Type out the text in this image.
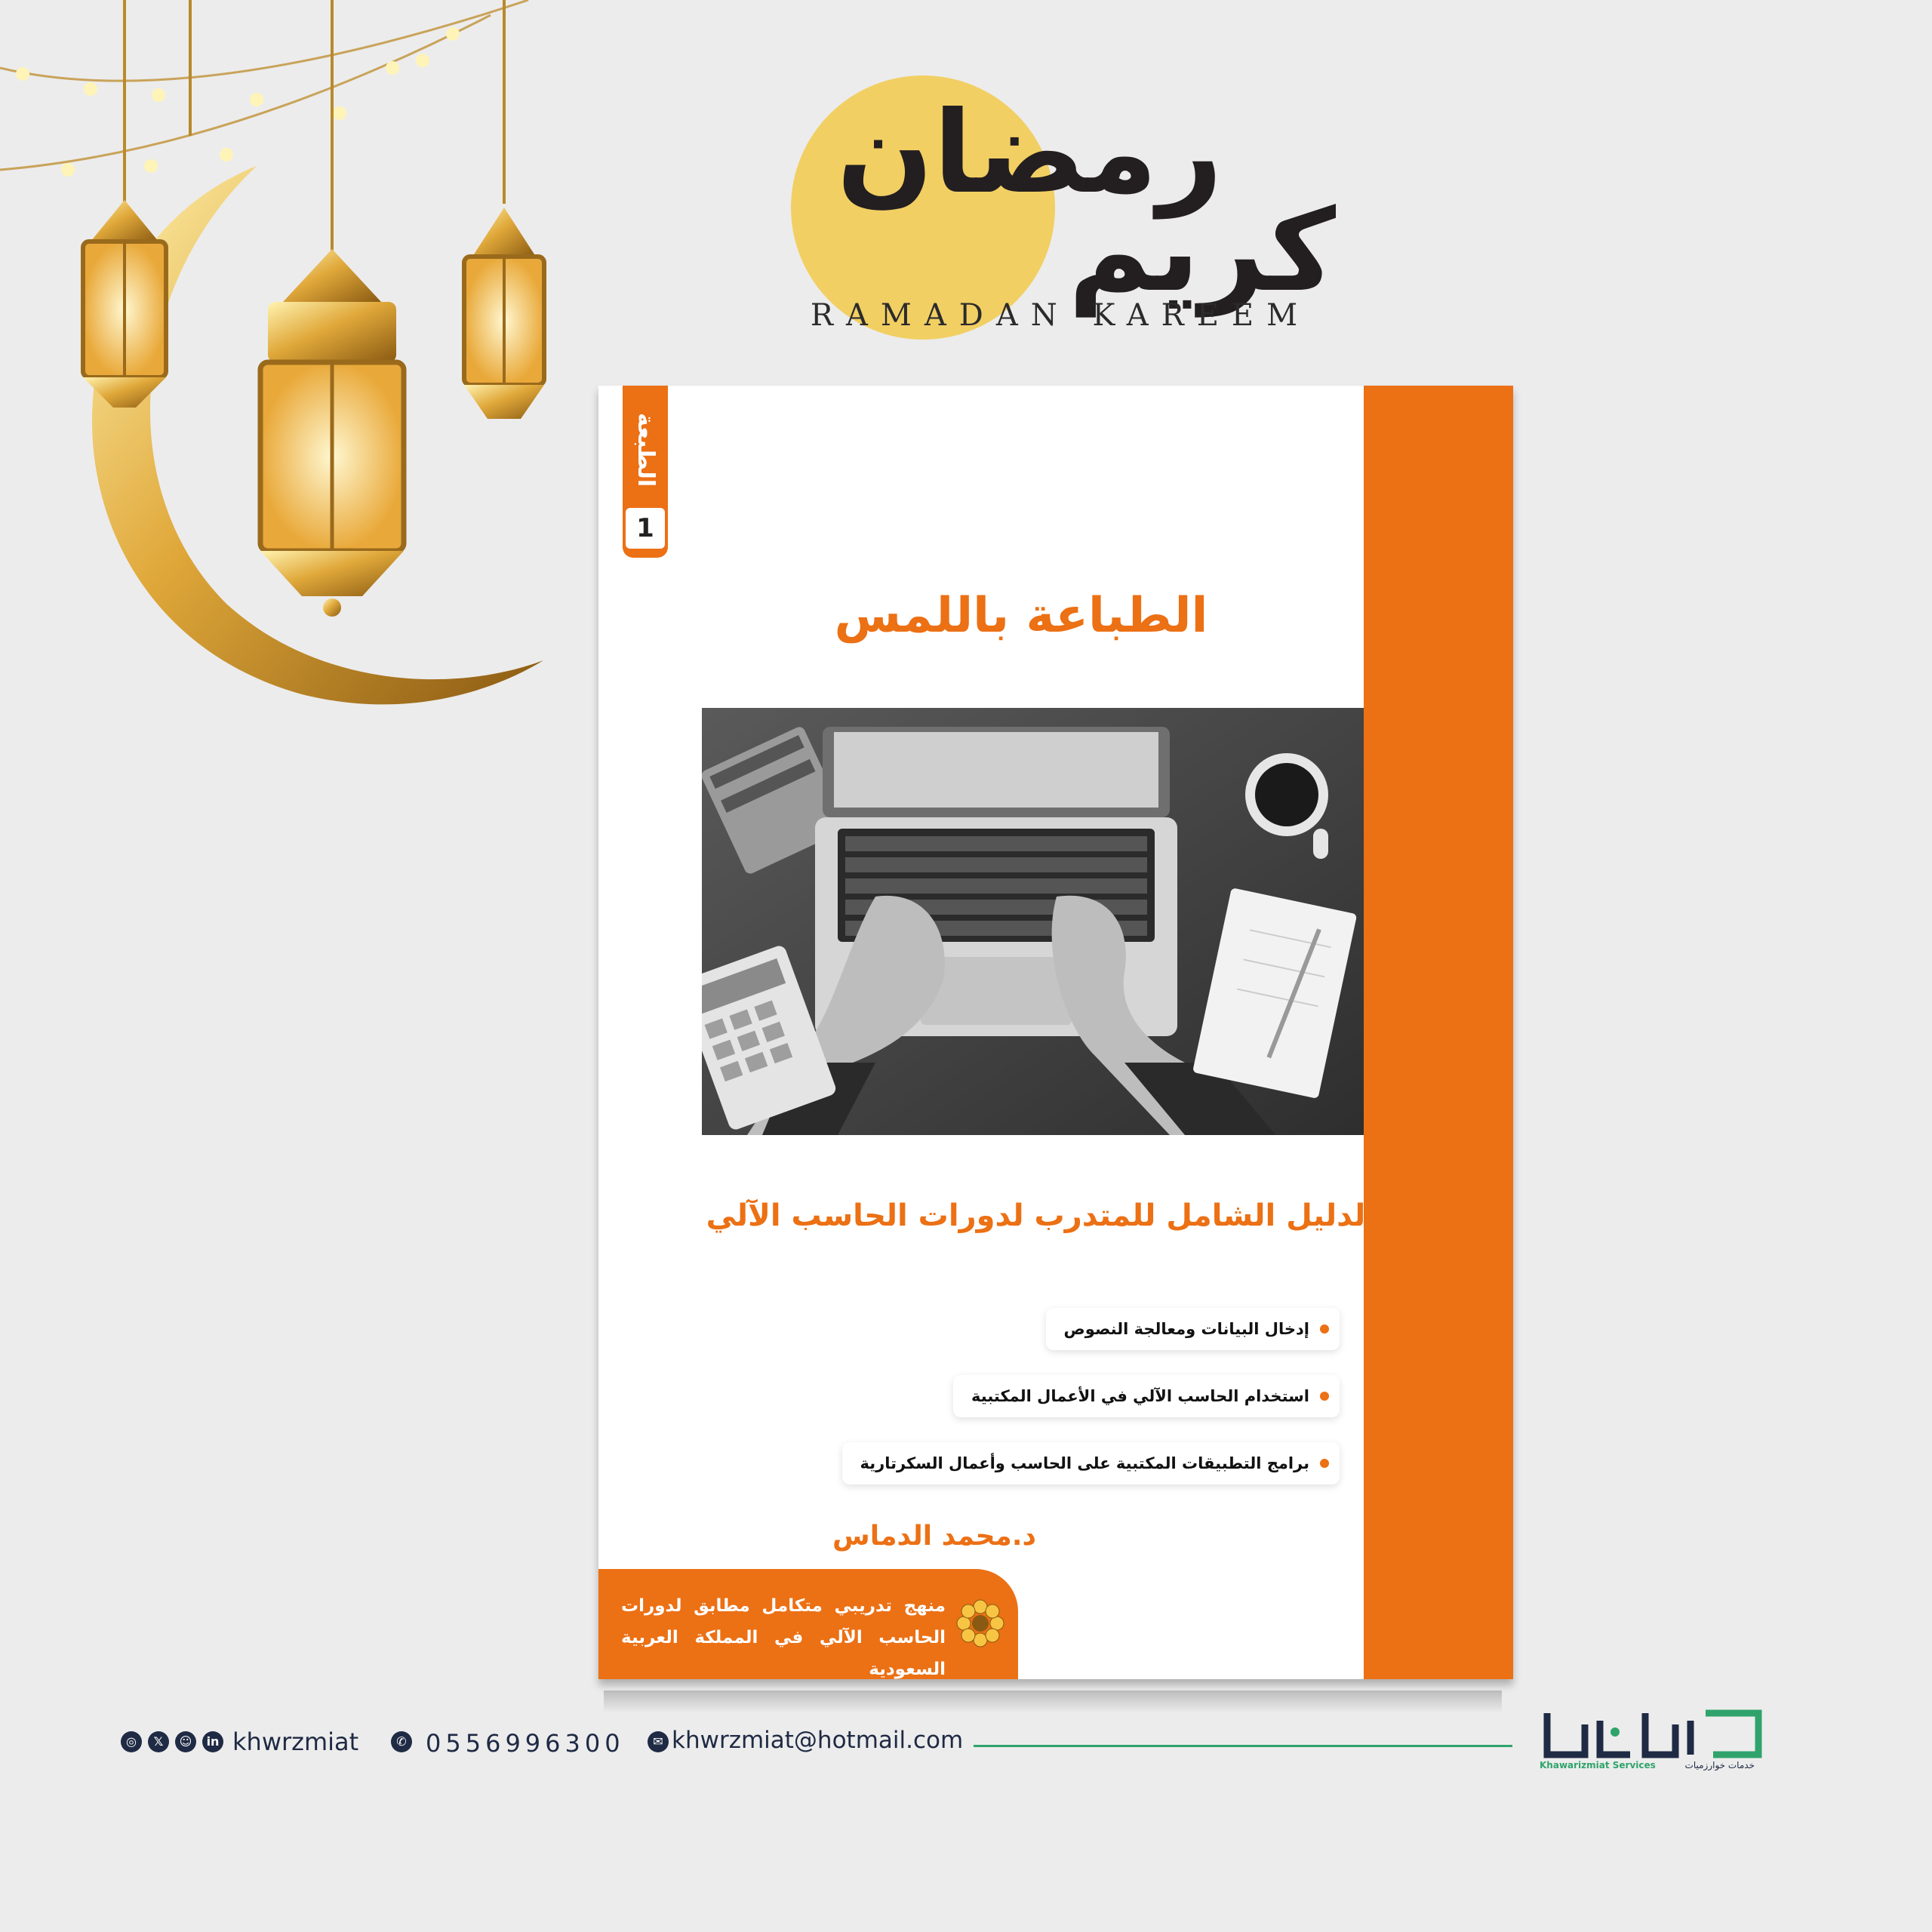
رمضان
كريم
RAMADAN KAREEM
الطبعة
1
الطباعة باللمس
الدليل الشامل للمتدرب لدورات الحاسب الآلي
إدخال البيانات ومعالجة النصوص
استخدام الحاسب الآلي في الأعمال المكتبية
برامج التطبيقات المكتبية على الحاسب وأعمال السكرتارية
د.محمد الدماس
منهج تدريبي متكامل مطابق لدورات الحاسب الآلي في المملكة العربية السعودية
◎	𝕏	☺	in khwrzmiat	✆ 0556996300	✉ khwrzmiat@hotmail.com
Khawarizmiat Services	خدمات خوارزميات
